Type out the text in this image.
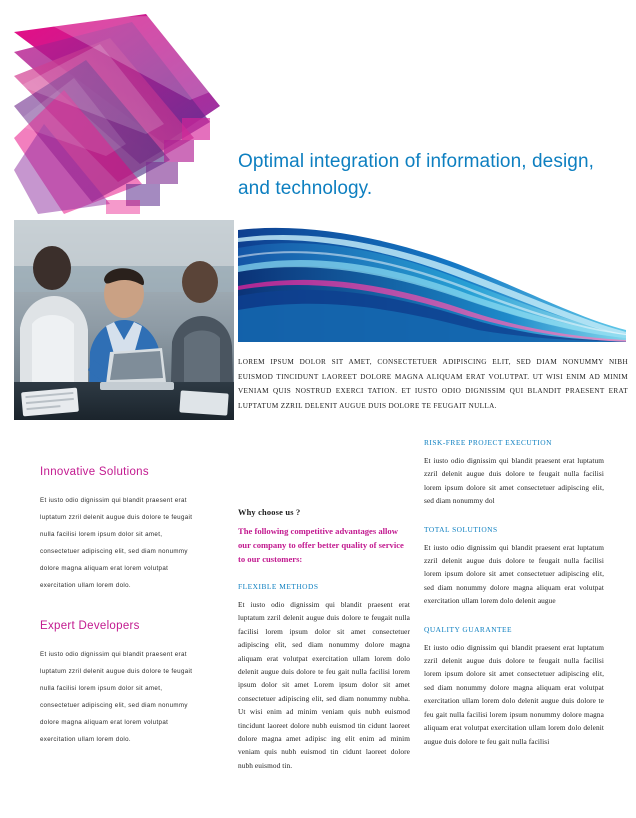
Optimal integration of information, design, and technology.

LOREM IPSUM DOLOR SIT AMET, CONSECTETUER ADIPISCING ELIT, SED DIAM NONUMMY NIBH EUISMOD TINCIDUNT LAOREET DOLORE MAGNA ALIQUAM ERAT VOLUTPAT. UT WISI ENIM AD MINIM VENIAM QUIS NOSTRUD EXERCI TATION. ET IUSTO ODIO DIGNISSIM QUI BLANDIT PRAESENT ERAT LUPTATUM ZZRIL DELENIT AUGUE DUIS DOLORE TE FEUGAIT NULLA.

Innovative Solutions
Et iusto odio dignissim qui blandit praesent erat luptatum zzril delenit augue duis dolore te feugait nulla facilisi lorem ipsum dolor sit amet, consectetuer adipiscing elit, sed diam nonummy dolore magna aliquam erat lorem volutpat exercitation ullam lorem dolo.
Expert Developers
Et iusto odio dignissim qui blandit praesent erat luptatum zzril delenit augue duis dolore te feugait nulla facilisi lorem ipsum dolor sit amet, consectetuer adipiscing elit, sed diam nonummy dolore magna aliquam erat lorem volutpat exercitation ullam lorem dolo.
Why choose us ?
The following competitive advantages allow our company to offer better quality of service to our customers:
FLEXIBLE METHODS
Et iusto odio dignissim qui blandit praesent erat luptatum zzril delenit augue duis dolore te feugait nulla facilisi lorem ipsum dolor sit amet consectetuer adipiscing elit, sed diam nonummy dolore magna aliquam erat volutpat exercitation ullam lorem dolo delenit augue duis dolore te feu gait nulla facilisi lorem ipsum dolor sit amet Lorem ipsum dolor sit amet consectetuer adipiscing elit, sed diam nonummy nubha. Ut wisi enim ad minim veniam quis nubh euismod tincidunt laoreet dolore nubh euismod tin cidunt laoreet dolore magna amet adipisc ing elit enim ad minim veniam quis nubh euismod tin cidunt laoreet dolore nubh euismod tin.
RISK-FREE PROJECT EXECUTION
Et iusto odio dignissim qui blandit praesent erat luptatum zzril delenit augue duis dolore te feugait nulla facilisi lorem ipsum dolore sit amet consectetuer adipiscing elit, sed diam nonummy dol
TOTAL SOLUTIONS
Et iusto odio dignissim qui blandit praesent erat luptatum zzril delenit augue duis dolore te feugait nulla facilisi lorem ipsum dolore sit amet consectetuer adipiscing elit, sed diam nonummy dolore magna aliquam erat volutpat exercitation ullam lorem dolo delenit augue
QUALITY GUARANTEE
Et iusto odio dignissim qui blandit praesent erat luptatum zzril delenit augue duis dolore te feugait nulla facilisi lorem ipsum dolore sit amet consectetuer adipiscing elit, sed diam nonummy dolore magna aliquam erat volutpat exercitation ullam lorem dolo delenit augue duis dolore te feu gait nulla facilisi lorem ipsum nonummy dolore magna aliquam erat volutpat exercitation ullam lorem dolo delenit augue duis dolore te feu gait nulla facilisi
